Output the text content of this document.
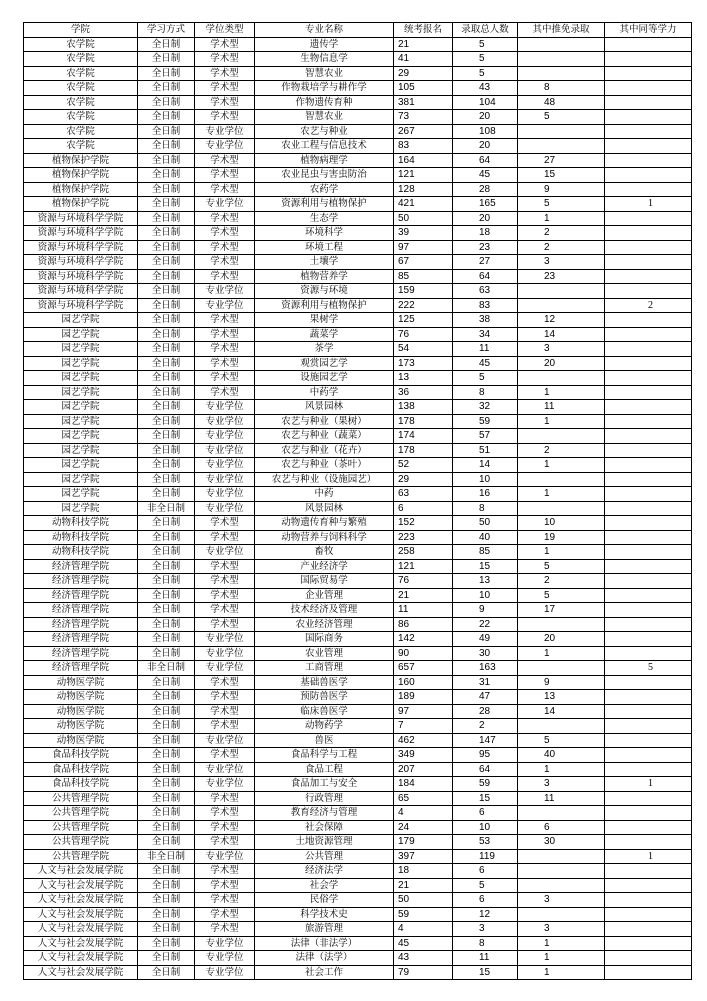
学院	学习方式	学位类型	专业名称	统考报名	录取总人数	其中推免录取	其中同等学力
农学院	全日制	学术型	遗传学	21	5		
农学院	全日制	学术型	生物信息学	41	5		
农学院	全日制	学术型	智慧农业	29	5		
农学院	全日制	学术型	作物栽培学与耕作学	105	43	8	
农学院	全日制	学术型	作物遗传育种	381	104	48	
农学院	全日制	学术型	智慧农业	73	20	5	
农学院	全日制	专业学位	农艺与种业	267	108		
农学院	全日制	专业学位	农业工程与信息技术	83	20		
植物保护学院	全日制	学术型	植物病理学	164	64	27	
植物保护学院	全日制	学术型	农业昆虫与害虫防治	121	45	15	
植物保护学院	全日制	学术型	农药学	128	28	9	
植物保护学院	全日制	专业学位	资源利用与植物保护	421	165	5	1
资源与环境科学学院	全日制	学术型	生态学	50	20	1	
资源与环境科学学院	全日制	学术型	环境科学	39	18	2	
资源与环境科学学院	全日制	学术型	环境工程	97	23	2	
资源与环境科学学院	全日制	学术型	土壤学	67	27	3	
资源与环境科学学院	全日制	学术型	植物营养学	85	64	23	
资源与环境科学学院	全日制	专业学位	资源与环境	159	63		
资源与环境科学学院	全日制	专业学位	资源利用与植物保护	222	83		2
园艺学院	全日制	学术型	果树学	125	38	12	
园艺学院	全日制	学术型	蔬菜学	76	34	14	
园艺学院	全日制	学术型	茶学	54	11	3	
园艺学院	全日制	学术型	观赏园艺学	173	45	20	
园艺学院	全日制	学术型	设施园艺学	13	5		
园艺学院	全日制	学术型	中药学	36	8	1	
园艺学院	全日制	专业学位	风景园林	138	32	11	
园艺学院	全日制	专业学位	农艺与种业（果树）	178	59	1	
园艺学院	全日制	专业学位	农艺与种业（蔬菜）	174	57		
园艺学院	全日制	专业学位	农艺与种业（花卉）	178	51	2	
园艺学院	全日制	专业学位	农艺与种业（茶叶）	52	14	1	
园艺学院	全日制	专业学位	农艺与种业（设施园艺）	29	10		
园艺学院	全日制	专业学位	中药	63	16	1	
园艺学院	非全日制	专业学位	风景园林	6	8		
动物科技学院	全日制	学术型	动物遗传育种与繁殖	152	50	10	
动物科技学院	全日制	学术型	动物营养与饲料科学	223	40	19	
动物科技学院	全日制	专业学位	畜牧	258	85	1	
经济管理学院	全日制	学术型	产业经济学	121	15	5	
经济管理学院	全日制	学术型	国际贸易学	76	13	2	
经济管理学院	全日制	学术型	企业管理	21	10	5	
经济管理学院	全日制	学术型	技术经济及管理	11	9	17	
经济管理学院	全日制	学术型	农业经济管理	86	22		
经济管理学院	全日制	专业学位	国际商务	142	49	20	
经济管理学院	全日制	专业学位	农业管理	90	30	1	
经济管理学院	非全日制	专业学位	工商管理	657	163		5
动物医学院	全日制	学术型	基础兽医学	160	31	9	
动物医学院	全日制	学术型	预防兽医学	189	47	13	
动物医学院	全日制	学术型	临床兽医学	97	28	14	
动物医学院	全日制	学术型	动物药学	7	2		
动物医学院	全日制	专业学位	兽医	462	147	5	
食品科技学院	全日制	学术型	食品科学与工程	349	95	40	
食品科技学院	全日制	专业学位	食品工程	207	64	1	
食品科技学院	全日制	专业学位	食品加工与安全	184	59	3	1
公共管理学院	全日制	学术型	行政管理	65	15	11	
公共管理学院	全日制	学术型	教育经济与管理	4	6		
公共管理学院	全日制	学术型	社会保障	24	10	6	
公共管理学院	全日制	学术型	土地资源管理	179	53	30	
公共管理学院	非全日制	专业学位	公共管理	397	119		1
人文与社会发展学院	全日制	学术型	经济法学	18	6		
人文与社会发展学院	全日制	学术型	社会学	21	5		
人文与社会发展学院	全日制	学术型	民俗学	50	6	3	
人文与社会发展学院	全日制	学术型	科学技术史	59	12		
人文与社会发展学院	全日制	学术型	旅游管理	4	3	3	
人文与社会发展学院	全日制	专业学位	法律（非法学）	45	8	1	
人文与社会发展学院	全日制	专业学位	法律（法学）	43	11	1	
人文与社会发展学院	全日制	专业学位	社会工作	79	15	1	
